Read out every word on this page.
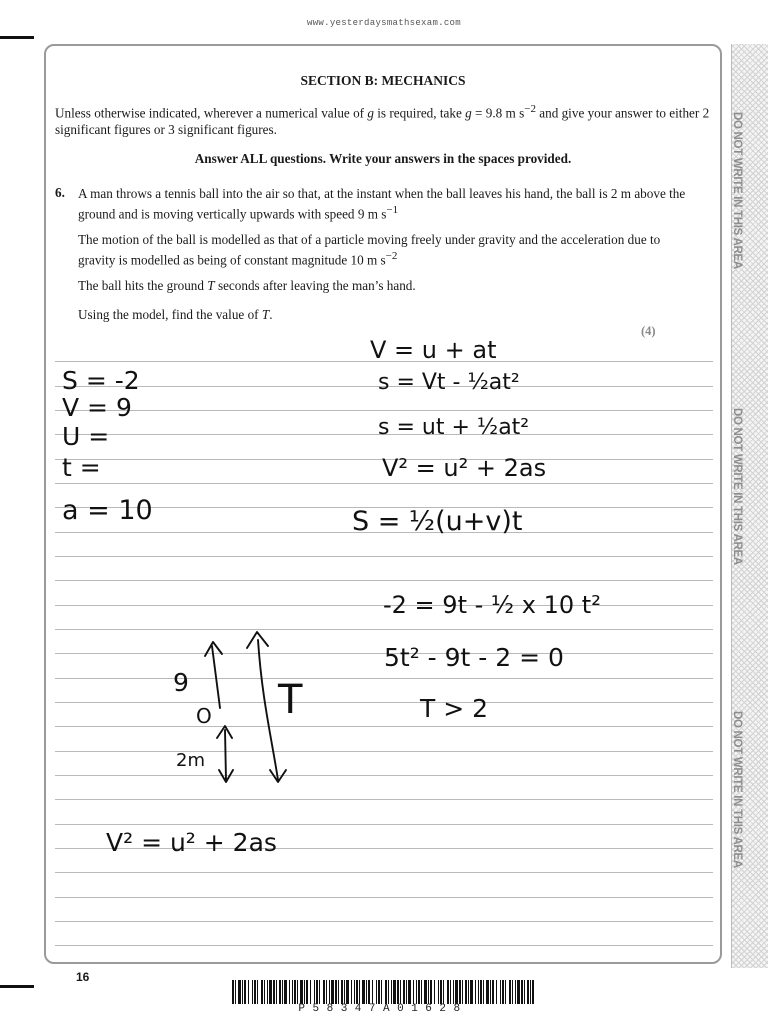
www.yesterdaysmathsexam.com
DO NOT WRITE IN THIS AREA
DO NOT WRITE IN THIS AREA
DO NOT WRITE IN THIS AREA
SECTION B: MECHANICS

Unless otherwise indicated, wherever a numerical value of g is required, take g = 9.8 m $s^{-2}$ and give your answer to either 2 significant figures or 3 significant figures.

Answer ALL questions. Write your answers in the spaces provided.

6. A man throws a tennis ball into the air so that, at the instant when the ball leaves his hand, the ball is 2 m above the ground and is moving vertically upwards with speed 9 m $s^{-1}$

The motion of the ball is modelled as that of a particle moving freely under gravity and the acceleration due to gravity is modelled as being of constant magnitude 10 m $s^{-2}$

The ball hits the ground T seconds after leaving the man’s hand.

Using the model, find the value of T.

(4)
S = -2
V = 9
U =
t =
a = 10
V = u + at
s = Vt - ½at²
s = ut + ½at²
V² = u² + 2as
S = ½(u+v)t
-2 = 9t - ½ x 10 t²
5t² - 9t - 2 = 0
T > 2
9
O
2m
T
V² = u² + 2as
16
P58347A01628
